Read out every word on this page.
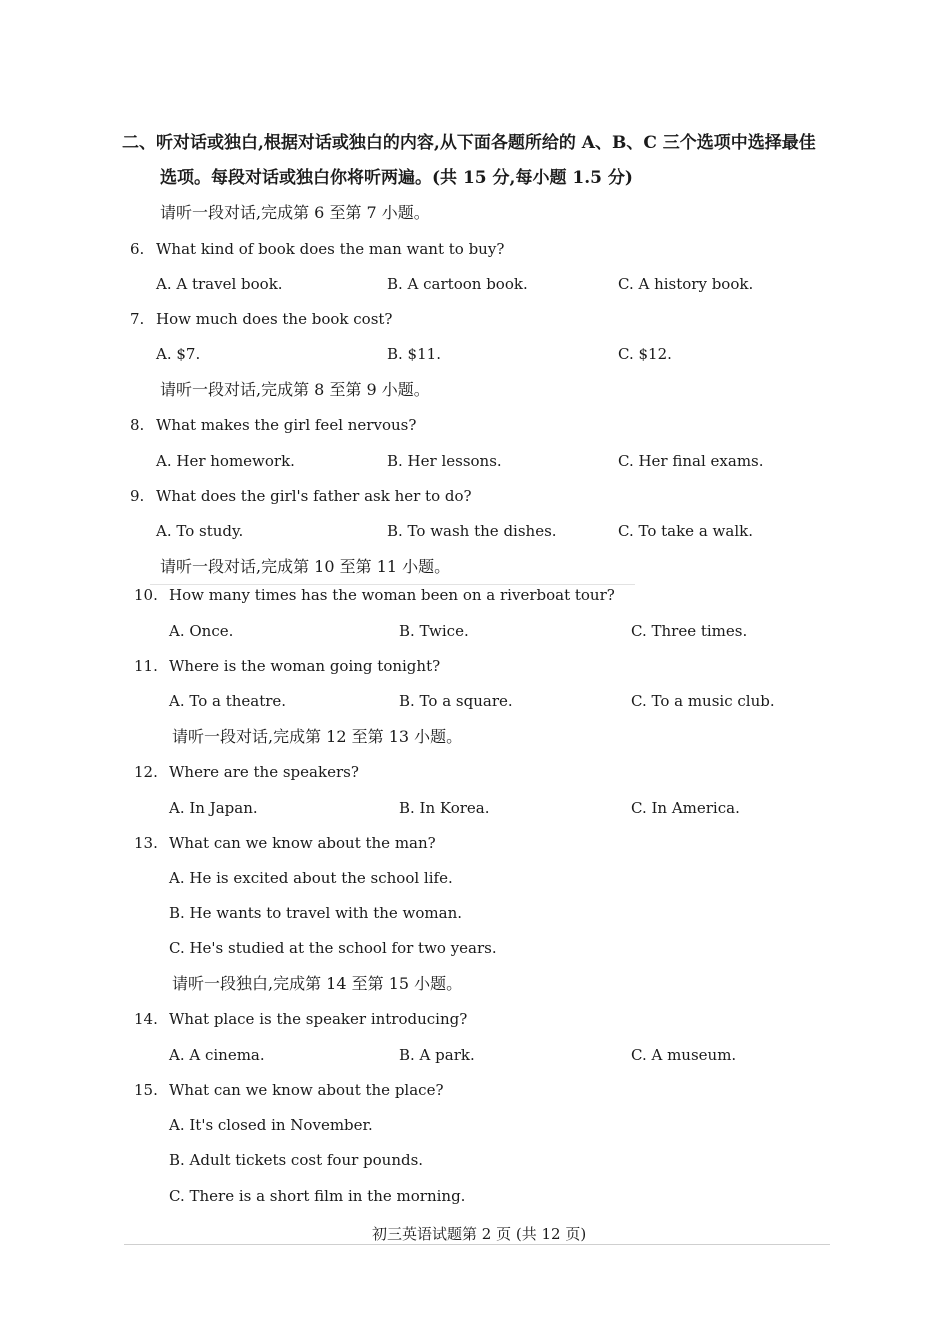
二、听对话或独白,根据对话或独白的内容,从下面各题所给的 A、B、C 三个选项中选择最佳
选项。每段对话或独白你将听两遍。(共 15 分,每小题 1.5 分)
请听一段对话,完成第 6 至第 7 小题。
6. What kind of book does the man want to buy?
A. A travel book.	B. A cartoon book.	C. A history book.
7. How much does the book cost?
A. $7.	B. $11.	C. $12.
请听一段对话,完成第 8 至第 9 小题。
8. What makes the girl feel nervous?
A. Her homework.	B. Her lessons.	C. Her final exams.
9. What does the girl's father ask her to do?
A. To study.	B. To wash the dishes.	C. To take a walk.
请听一段对话,完成第 10 至第 11 小题。
10. How many times has the woman been on a riverboat tour?
A. Once.	B. Twice.	C. Three times.
11. Where is the woman going tonight?
A. To a theatre.	B. To a square.	C. To a music club.
请听一段对话,完成第 12 至第 13 小题。
12. Where are the speakers?
A. In Japan.	B. In Korea.	C. In America.
13. What can we know about the man?
A. He is excited about the school life.
B. He wants to travel with the woman.
C. He's studied at the school for two years.
请听一段独白,完成第 14 至第 15 小题。
14. What place is the speaker introducing?
A. A cinema.	B. A park.	C. A museum.
15. What can we know about the place?
A. It's closed in November.
B. Adult tickets cost four pounds.
C. There is a short film in the morning.
初三英语试题第 2 页 (共 12 页)
